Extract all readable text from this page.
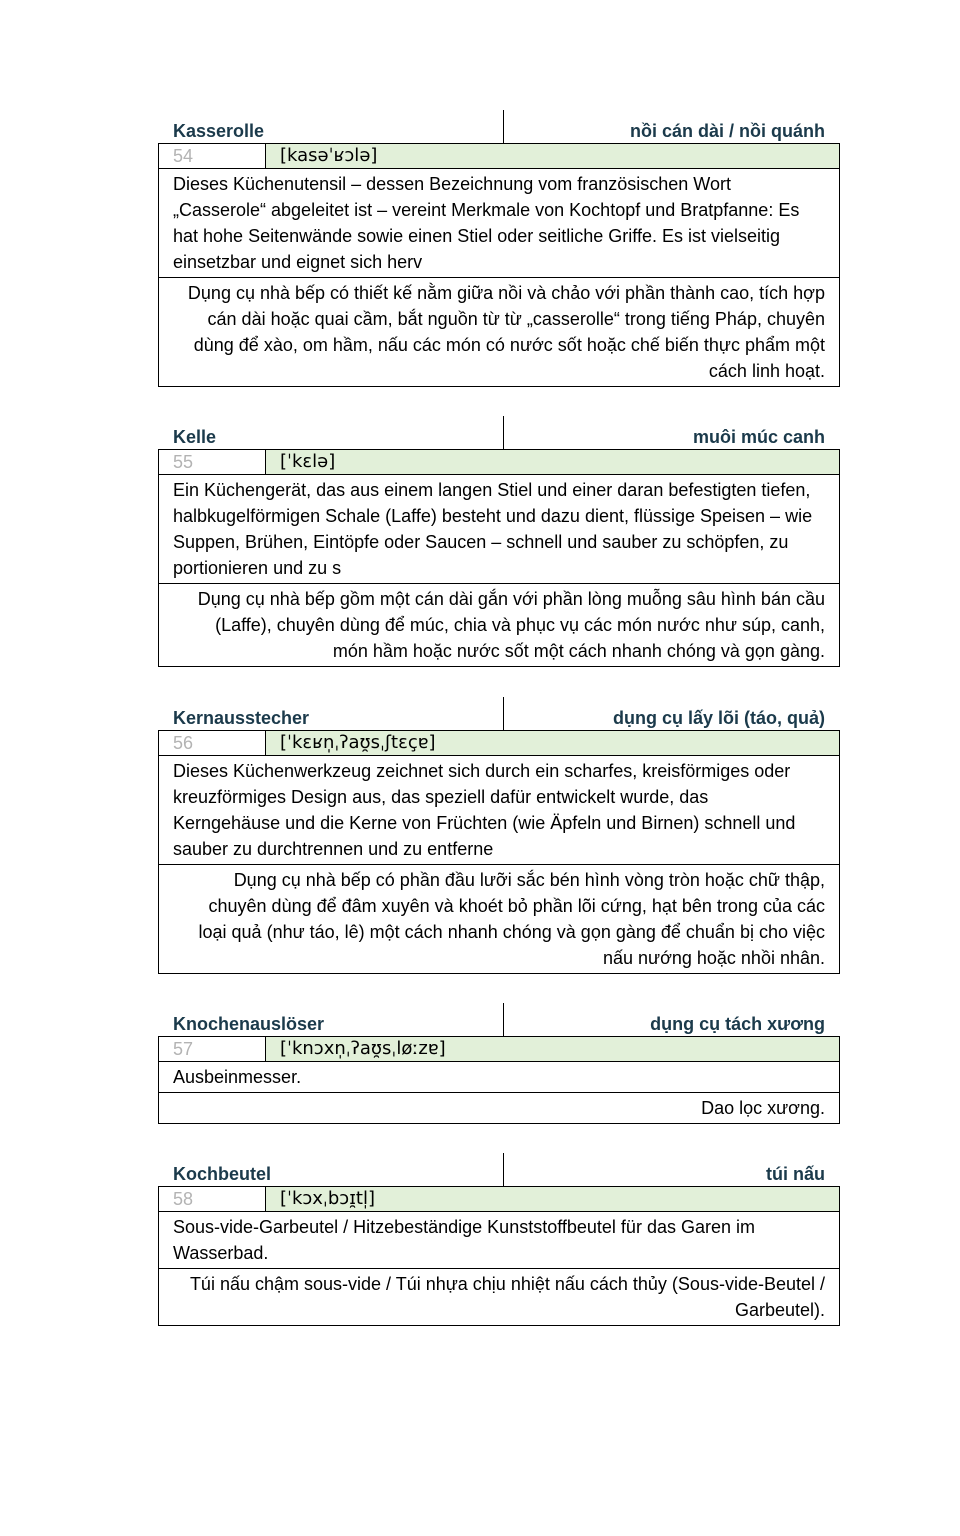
Kasserolle	nồi cán dài / nồi quánh
54	[kasəˈʁɔlə]
Dieses Küchenutensil – dessen Bezeichnung vom französischen Wort „Casserole“ abgeleitet ist – vereint Merkmale von Kochtopf und Bratpfanne: Es hat hohe Seitenwände sowie einen Stiel oder seitliche Griffe. Es ist vielseitig einsetzbar und eignet sich herv
Dụng cụ nhà bếp có thiết kế nằm giữa nồi và chảo với phần thành cao, tích hợp cán dài hoặc quai cầm, bắt nguồn từ từ „casserolle“ trong tiếng Pháp, chuyên dùng để xào, om hầm, nấu các món có nước sốt hoặc chế biến thực phẩm một cách linh hoạt.
Kelle	muôi múc canh
55	[ˈkɛlə]
Ein Küchengerät, das aus einem langen Stiel und einer daran befestigten tiefen, halbkugelförmigen Schale (Laffe) besteht und dazu dient, flüssige Speisen – wie Suppen, Brühen, Eintöpfe oder Saucen – schnell und sauber zu schöpfen, zu portionieren und zu s
Dụng cụ nhà bếp gồm một cán dài gắn với phần lòng muỗng sâu hình bán cầu (Laffe), chuyên dùng để múc, chia và phục vụ các món nước như súp, canh, món hầm hoặc nước sốt một cách nhanh chóng và gọn gàng.
Kernausstecher	dụng cụ lấy lõi (táo, quả)
56	[ˈkɛʁn̩ˌʔaʊ̯sˌʃtɛçɐ]
Dieses Küchenwerkzeug zeichnet sich durch ein scharfes, kreisförmiges oder kreuzförmiges Design aus, das speziell dafür entwickelt wurde, das Kerngehäuse und die Kerne von Früchten (wie Äpfeln und Birnen) schnell und sauber zu durchtrennen und zu entferne
Dụng cụ nhà bếp có phần đầu lưỡi sắc bén hình vòng tròn hoặc chữ thập, chuyên dùng để đâm xuyên và khoét bỏ phần lõi cứng, hạt bên trong của các loại quả (như táo, lê) một cách nhanh chóng và gọn gàng để chuẩn bị cho việc nấu nướng hoặc nhồi nhân.
Knochenauslöser	dụng cụ tách xương
57	[ˈknɔxn̩ˌʔaʊ̯sˌløːzɐ]
Ausbeinmesser.
Dao lọc xương.
Kochbeutel	túi nấu
58	[ˈkɔxˌbɔɪ̯tl̩]
Sous-vide-Garbeutel / Hitzebeständige Kunststoffbeutel für das Garen im Wasserbad.
Túi nấu chậm sous-vide / Túi nhựa chịu nhiệt nấu cách thủy (Sous-vide-Beutel / Garbeutel).
